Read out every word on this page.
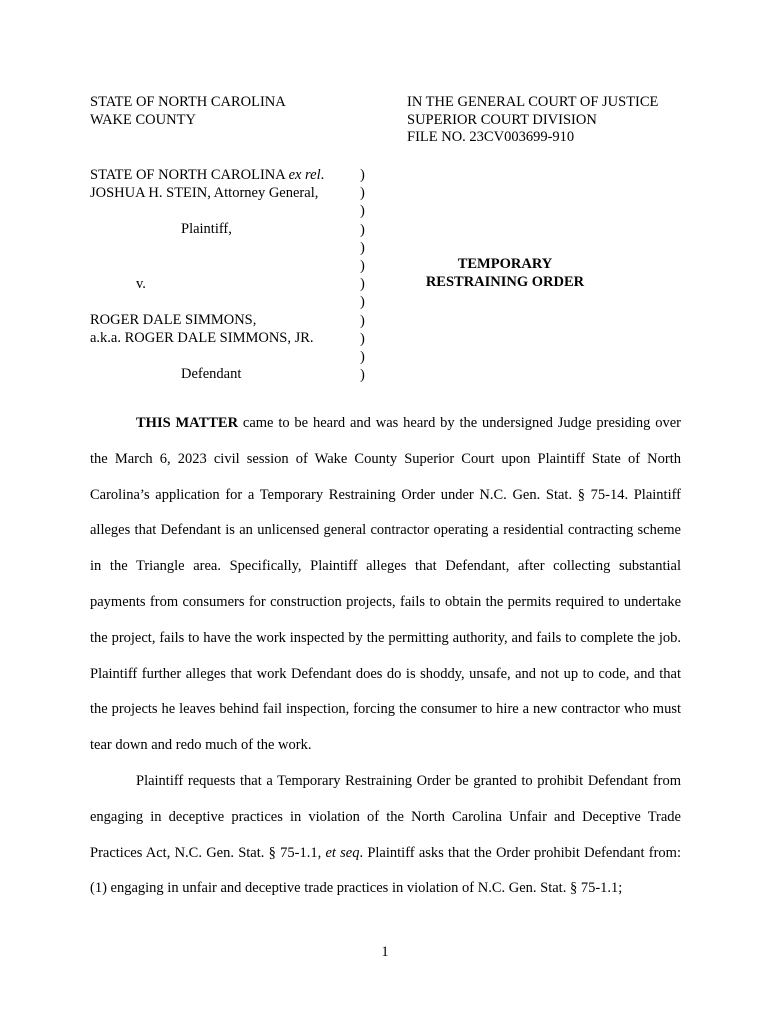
STATE OF NORTH CAROLINA
WAKE COUNTY
IN THE GENERAL COURT OF JUSTICE
SUPERIOR COURT DIVISION
FILE NO. 23CV003699-910
STATE OF NORTH CAROLINA ex rel.
JOSHUA H. STEIN, Attorney General,
Plaintiff,
v.
ROGER DALE SIMMONS,
a.k.a. ROGER DALE SIMMONS, JR.
Defendant
)
)
)
)
)
)
)
)
)
)
)
)
TEMPORARY
RESTRAINING ORDER
THIS MATTER came to be heard and was heard by the undersigned Judge presiding over the March 6, 2023 civil session of Wake County Superior Court upon Plaintiff State of North Carolina’s application for a Temporary Restraining Order under N.C. Gen. Stat. § 75-14. Plaintiff alleges that Defendant is an unlicensed general contractor operating a residential contracting scheme in the Triangle area. Specifically, Plaintiff alleges that Defendant, after collecting substantial payments from consumers for construction projects, fails to obtain the permits required to undertake the project, fails to have the work inspected by the permitting authority, and fails to complete the job. Plaintiff further alleges that work Defendant does do is shoddy, unsafe, and not up to code, and that the projects he leaves behind fail inspection, forcing the consumer to hire a new contractor who must tear down and redo much of the work.
Plaintiff requests that a Temporary Restraining Order be granted to prohibit Defendant from engaging in deceptive practices in violation of the North Carolina Unfair and Deceptive Trade Practices Act, N.C. Gen. Stat. § 75-1.1, et seq. Plaintiff asks that the Order prohibit Defendant from: (1) engaging in unfair and deceptive trade practices in violation of N.C. Gen. Stat. § 75-1.1;
1
